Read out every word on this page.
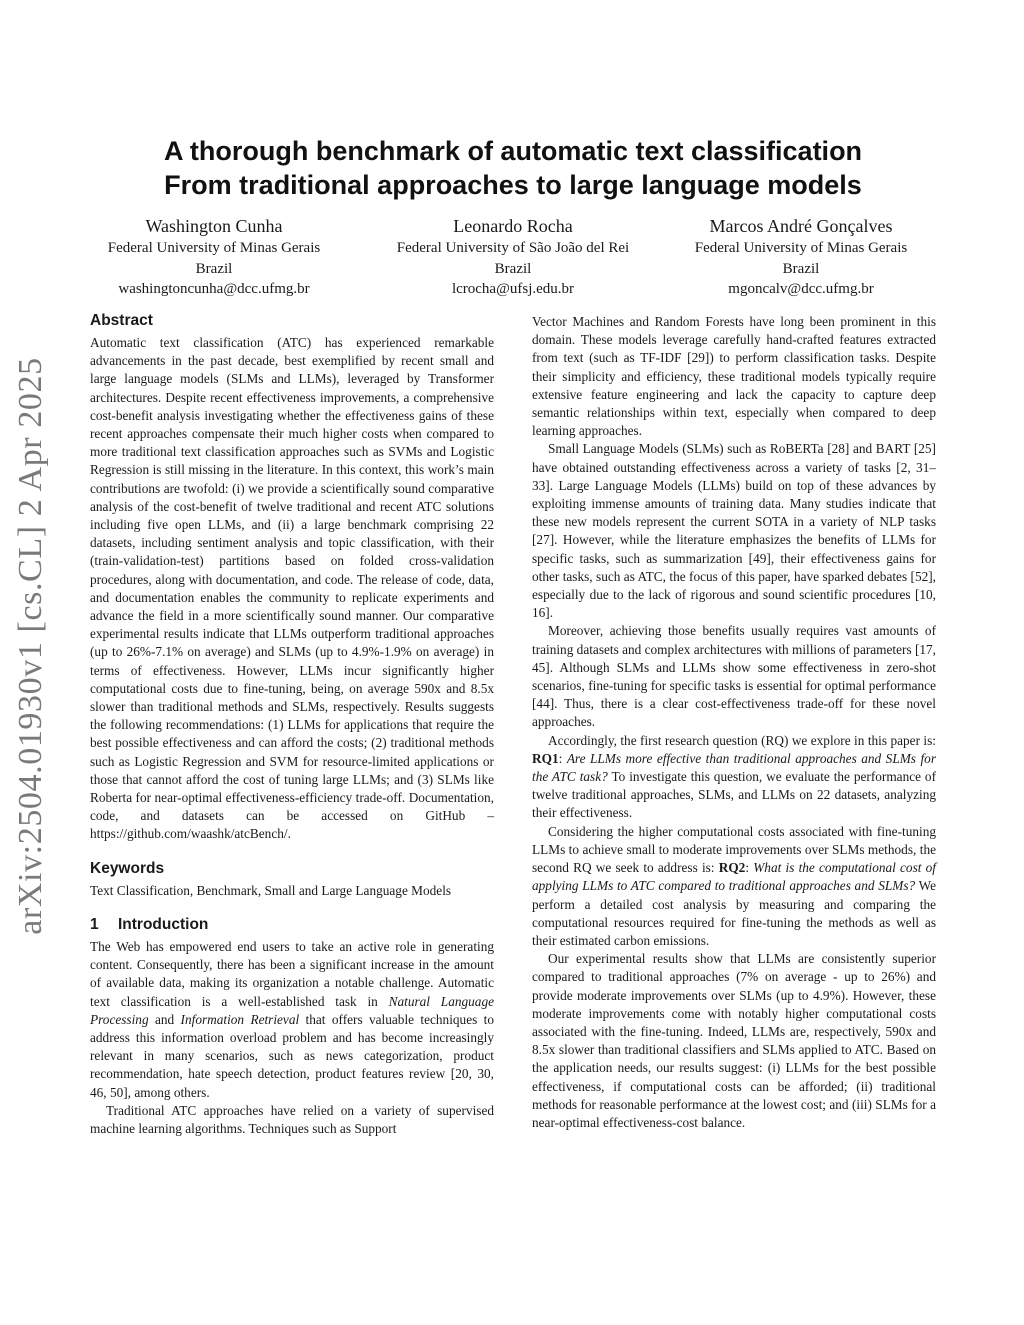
arXiv:2504.01930v1 [cs.CL] 2 Apr 2025
A thorough benchmark of automatic text classification
From traditional approaches to large language models
Washington Cunha
Federal University of Minas Gerais
Brazil
washingtoncunha@dcc.ufmg.br
Leonardo Rocha
Federal University of São João del Rei
Brazil
lcrocha@ufsj.edu.br
Marcos André Gonçalves
Federal University of Minas Gerais
Brazil
mgoncalv@dcc.ufmg.br
Abstract

Automatic text classification (ATC) has experienced remarkable advancements in the past decade, best exemplified by recent small and large language models (SLMs and LLMs), leveraged by Transformer architectures. Despite recent effectiveness improvements, a comprehensive cost-benefit analysis investigating whether the effectiveness gains of these recent approaches compensate their much higher costs when compared to more traditional text classification approaches such as SVMs and Logistic Regression is still missing in the literature. In this context, this work’s main contributions are twofold: (i) we provide a scientifically sound comparative analysis of the cost-benefit of twelve traditional and recent ATC solutions including five open LLMs, and (ii) a large benchmark comprising 22 datasets, including sentiment analysis and topic classification, with their (train-validation-test) partitions based on folded cross-validation procedures, along with documentation, and code. The release of code, data, and documentation enables the community to replicate experiments and advance the field in a more scientifically sound manner. Our comparative experimental results indicate that LLMs outperform traditional approaches (up to 26%-7.1% on average) and SLMs (up to 4.9%-1.9% on average) in terms of effectiveness. However, LLMs incur significantly higher computational costs due to fine-tuning, being, on average 590x and 8.5x slower than traditional methods and SLMs, respectively. Results suggests the following recommendations: (1) LLMs for applications that require the best possible effectiveness and can afford the costs; (2) traditional methods such as Logistic Regression and SVM for resource-limited applications or those that cannot afford the cost of tuning large LLMs; and (3) SLMs like Roberta for near-optimal effectiveness-efficiency trade-off. Documentation, code, and datasets can be accessed on GitHub – https://github.com/waashk/atcBench/.

Keywords

Text Classification, Benchmark, Small and Large Language Models

1 Introduction

The Web has empowered end users to take an active role in generating content. Consequently, there has been a significant increase in the amount of available data, making its organization a notable challenge. Automatic text classification is a well-established task in Natural Language Processing and Information Retrieval that offers valuable techniques to address this information overload problem and has become increasingly relevant in many scenarios, such as news categorization, product recommendation, hate speech detection, product features review [20, 30, 46, 50], among others.

Traditional ATC approaches have relied on a variety of supervised machine learning algorithms. Techniques such as Support

Vector Machines and Random Forests have long been prominent in this domain. These models leverage carefully hand-crafted features extracted from text (such as TF-IDF [29]) to perform classification tasks. Despite their simplicity and efficiency, these traditional models typically require extensive feature engineering and lack the capacity to capture deep semantic relationships within text, especially when compared to deep learning approaches.

Small Language Models (SLMs) such as RoBERTa [28] and BART [25] have obtained outstanding effectiveness across a variety of tasks [2, 31–33]. Large Language Models (LLMs) build on top of these advances by exploiting immense amounts of training data. Many studies indicate that these new models represent the current SOTA in a variety of NLP tasks [27]. However, while the literature emphasizes the benefits of LLMs for specific tasks, such as summarization [49], their effectiveness gains for other tasks, such as ATC, the focus of this paper, have sparked debates [52], especially due to the lack of rigorous and sound scientific procedures [10, 16].

Moreover, achieving those benefits usually requires vast amounts of training datasets and complex architectures with millions of parameters [17, 45]. Although SLMs and LLMs show some effectiveness in zero-shot scenarios, fine-tuning for specific tasks is essential for optimal performance [44]. Thus, there is a clear cost-effectiveness trade-off for these novel approaches.

Accordingly, the first research question (RQ) we explore in this paper is: RQ1: Are LLMs more effective than traditional approaches and SLMs for the ATC task? To investigate this question, we evaluate the performance of twelve traditional approaches, SLMs, and LLMs on 22 datasets, analyzing their effectiveness.

Considering the higher computational costs associated with fine-tuning LLMs to achieve small to moderate improvements over SLMs methods, the second RQ we seek to address is: RQ2: What is the computational cost of applying LLMs to ATC compared to traditional approaches and SLMs? We perform a detailed cost analysis by measuring and comparing the computational resources required for fine-tuning the methods as well as their estimated carbon emissions.

Our experimental results show that LLMs are consistently superior compared to traditional approaches (7% on average - up to 26%) and provide moderate improvements over SLMs (up to 4.9%). However, these moderate improvements come with notably higher computational costs associated with the fine-tuning. Indeed, LLMs are, respectively, 590x and 8.5x slower than traditional classifiers and SLMs applied to ATC. Based on the application needs, our results suggest: (i) LLMs for the best possible effectiveness, if computational costs can be afforded; (ii) traditional methods for reasonable performance at the lowest cost; and (iii) SLMs for a near-optimal effectiveness-cost balance.
